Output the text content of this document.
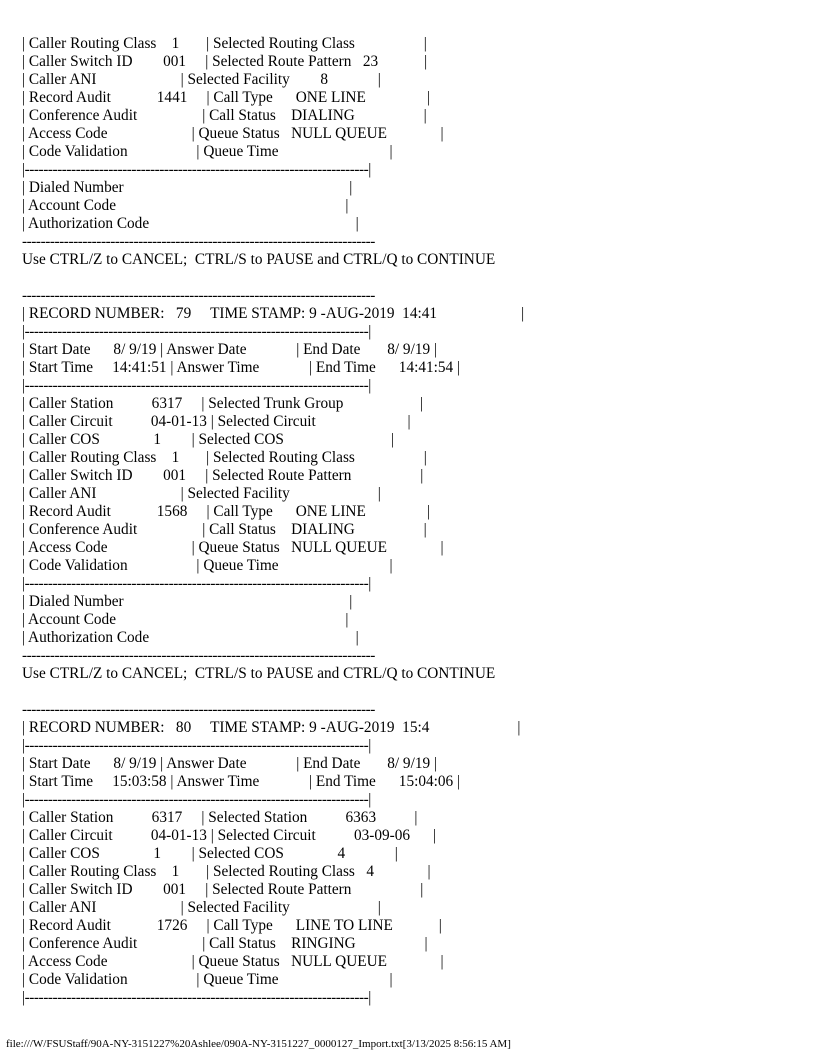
| Caller Routing Class    1       | Selected Routing Class                  |
| Caller Switch ID        001     | Selected Route Pattern   23            |
| Caller ANI                      | Selected Facility        8             |
| Record Audit            1441     | Call Type      ONE LINE                |
| Conference Audit                 | Call Status    DIALING                  |
| Access Code                      | Queue Status   NULL QUEUE              |
| Code Validation                  | Queue Time                             |
|--------------------------------------------------------------------------|
| Dialed Number                                                           |
| Account Code                                                            |
| Authorization Code                                                      |
----------------------------------------------------------------------------
Use CTRL/Z to CANCEL;  CTRL/S to PAUSE and CTRL/Q to CONTINUE
----------------------------------------------------------------------------
| RECORD NUMBER:   79     TIME STAMP: 9 -AUG-2019  14:41                      |
|--------------------------------------------------------------------------|
| Start Date      8/ 9/19 | Answer Date             | End Date       8/ 9/19 |
| Start Time     14:41:51 | Answer Time             | End Time      14:41:54 |
|--------------------------------------------------------------------------|
| Caller Station          6317     | Selected Trunk Group                    |
| Caller Circuit          04-01-13 | Selected Circuit                        |
| Caller COS              1        | Selected COS                            |
| Caller Routing Class    1       | Selected Routing Class                  |
| Caller Switch ID        001     | Selected Route Pattern                  |
| Caller ANI                      | Selected Facility                       |
| Record Audit            1568     | Call Type      ONE LINE                |
| Conference Audit                 | Call Status    DIALING                  |
| Access Code                      | Queue Status   NULL QUEUE              |
| Code Validation                  | Queue Time                             |
|--------------------------------------------------------------------------|
| Dialed Number                                                           |
| Account Code                                                            |
| Authorization Code                                                      |
----------------------------------------------------------------------------
Use CTRL/Z to CANCEL;  CTRL/S to PAUSE and CTRL/Q to CONTINUE
----------------------------------------------------------------------------
| RECORD NUMBER:   80     TIME STAMP: 9 -AUG-2019  15:4                       |
|--------------------------------------------------------------------------|
| Start Date      8/ 9/19 | Answer Date             | End Date       8/ 9/19 |
| Start Time     15:03:58 | Answer Time             | End Time      15:04:06 |
|--------------------------------------------------------------------------|
| Caller Station          6317     | Selected Station          6363          |
| Caller Circuit          04-01-13 | Selected Circuit          03-09-06      |
| Caller COS              1        | Selected COS              4             |
| Caller Routing Class    1       | Selected Routing Class   4              |
| Caller Switch ID        001     | Selected Route Pattern                  |
| Caller ANI                      | Selected Facility                       |
| Record Audit            1726     | Call Type      LINE TO LINE            |
| Conference Audit                 | Call Status    RINGING                  |
| Access Code                      | Queue Status   NULL QUEUE              |
| Code Validation                  | Queue Time                             |
|--------------------------------------------------------------------------|
file:///W/FSUStaff/90A-NY-3151227%20Ashlee/090A-NY-3151227_0000127_Import.txt[3/13/2025 8:56:15 AM]
